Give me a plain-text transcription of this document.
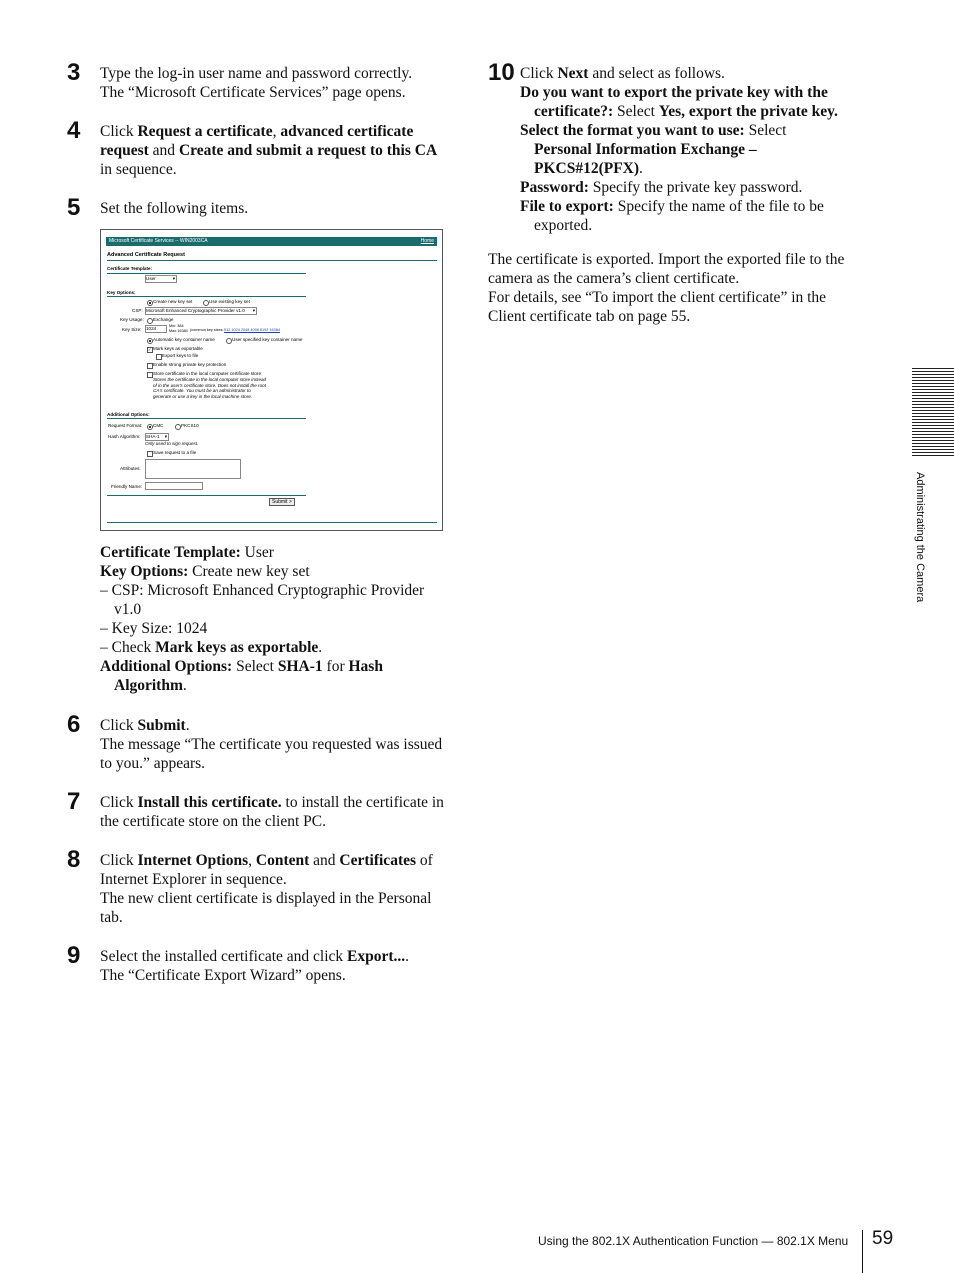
3 Type the log-in user name and password correctly.

The “Microsoft Certificate Services” page opens.

4 Click Request a certificate, advanced certificate request and Create and submit a request to this CA in sequence.

5 Set the following items.

Microsoft Certificate Services -- WIN2003CA	Home
Advanced Certificate Request
Certificate Template:
User	▾
Key Options:
Create new key set	Use existing key set
CSP: Microsoft Enhanced Cryptographic Provider v1.0 ▾
Key Usage: Exchange
Key Size: 1024	Min: 384
Max:16384 (common key sizes: 512 1024 2048 4096 8192 16384
Automatic key container name	User specified key container name
✓ Mark keys as exportable
Export keys to file
Enable strong private key protection
Store certificate in the local computer certificate store
Stores the certificate in the local computer store instead of in the user's certificate store. Does not install the root CA's certificate. You must be an administrator to generate or use a key in the local machine store.
Additional Options:
Request Format: CMC	PKCS10
Hash Algorithm: SHA-1 ▾
Only used to sign request.
Save request to a file
Attributes:
Friendly Name:
Submit >

Certificate Template: User

Key Options: Create new key set

– CSP: Microsoft Enhanced Cryptographic Provider v1.0

– Key Size: 1024

– Check Mark keys as exportable.

Additional Options: Select SHA-1 for Hash Algorithm.

6 Click Submit.

The message “The certificate you requested was issued to you.” appears.

7 Click Install this certificate. to install the certificate in the certificate store on the client PC.

8 Click Internet Options, Content and Certificates of Internet Explorer in sequence.

The new client certificate is displayed in the Personal tab.

9 Select the installed certificate and click Export....

The “Certificate Export Wizard” opens.

10 Click Next and select as follows.

Do you want to export the private key with the certificate?: Select Yes, export the private key.

Select the format you want to use: Select

Personal Information Exchange – PKCS#12(PFX).

Password: Specify the private key password.

File to export: Specify the name of the file to be exported.

The certificate is exported. Import the exported file to the camera as the camera’s client certificate.

For details, see “To import the client certificate” in the Client certificate tab on page 55.

Administrating the Camera
Using the 802.1X Authentication Function — 802.1X Menu 59
